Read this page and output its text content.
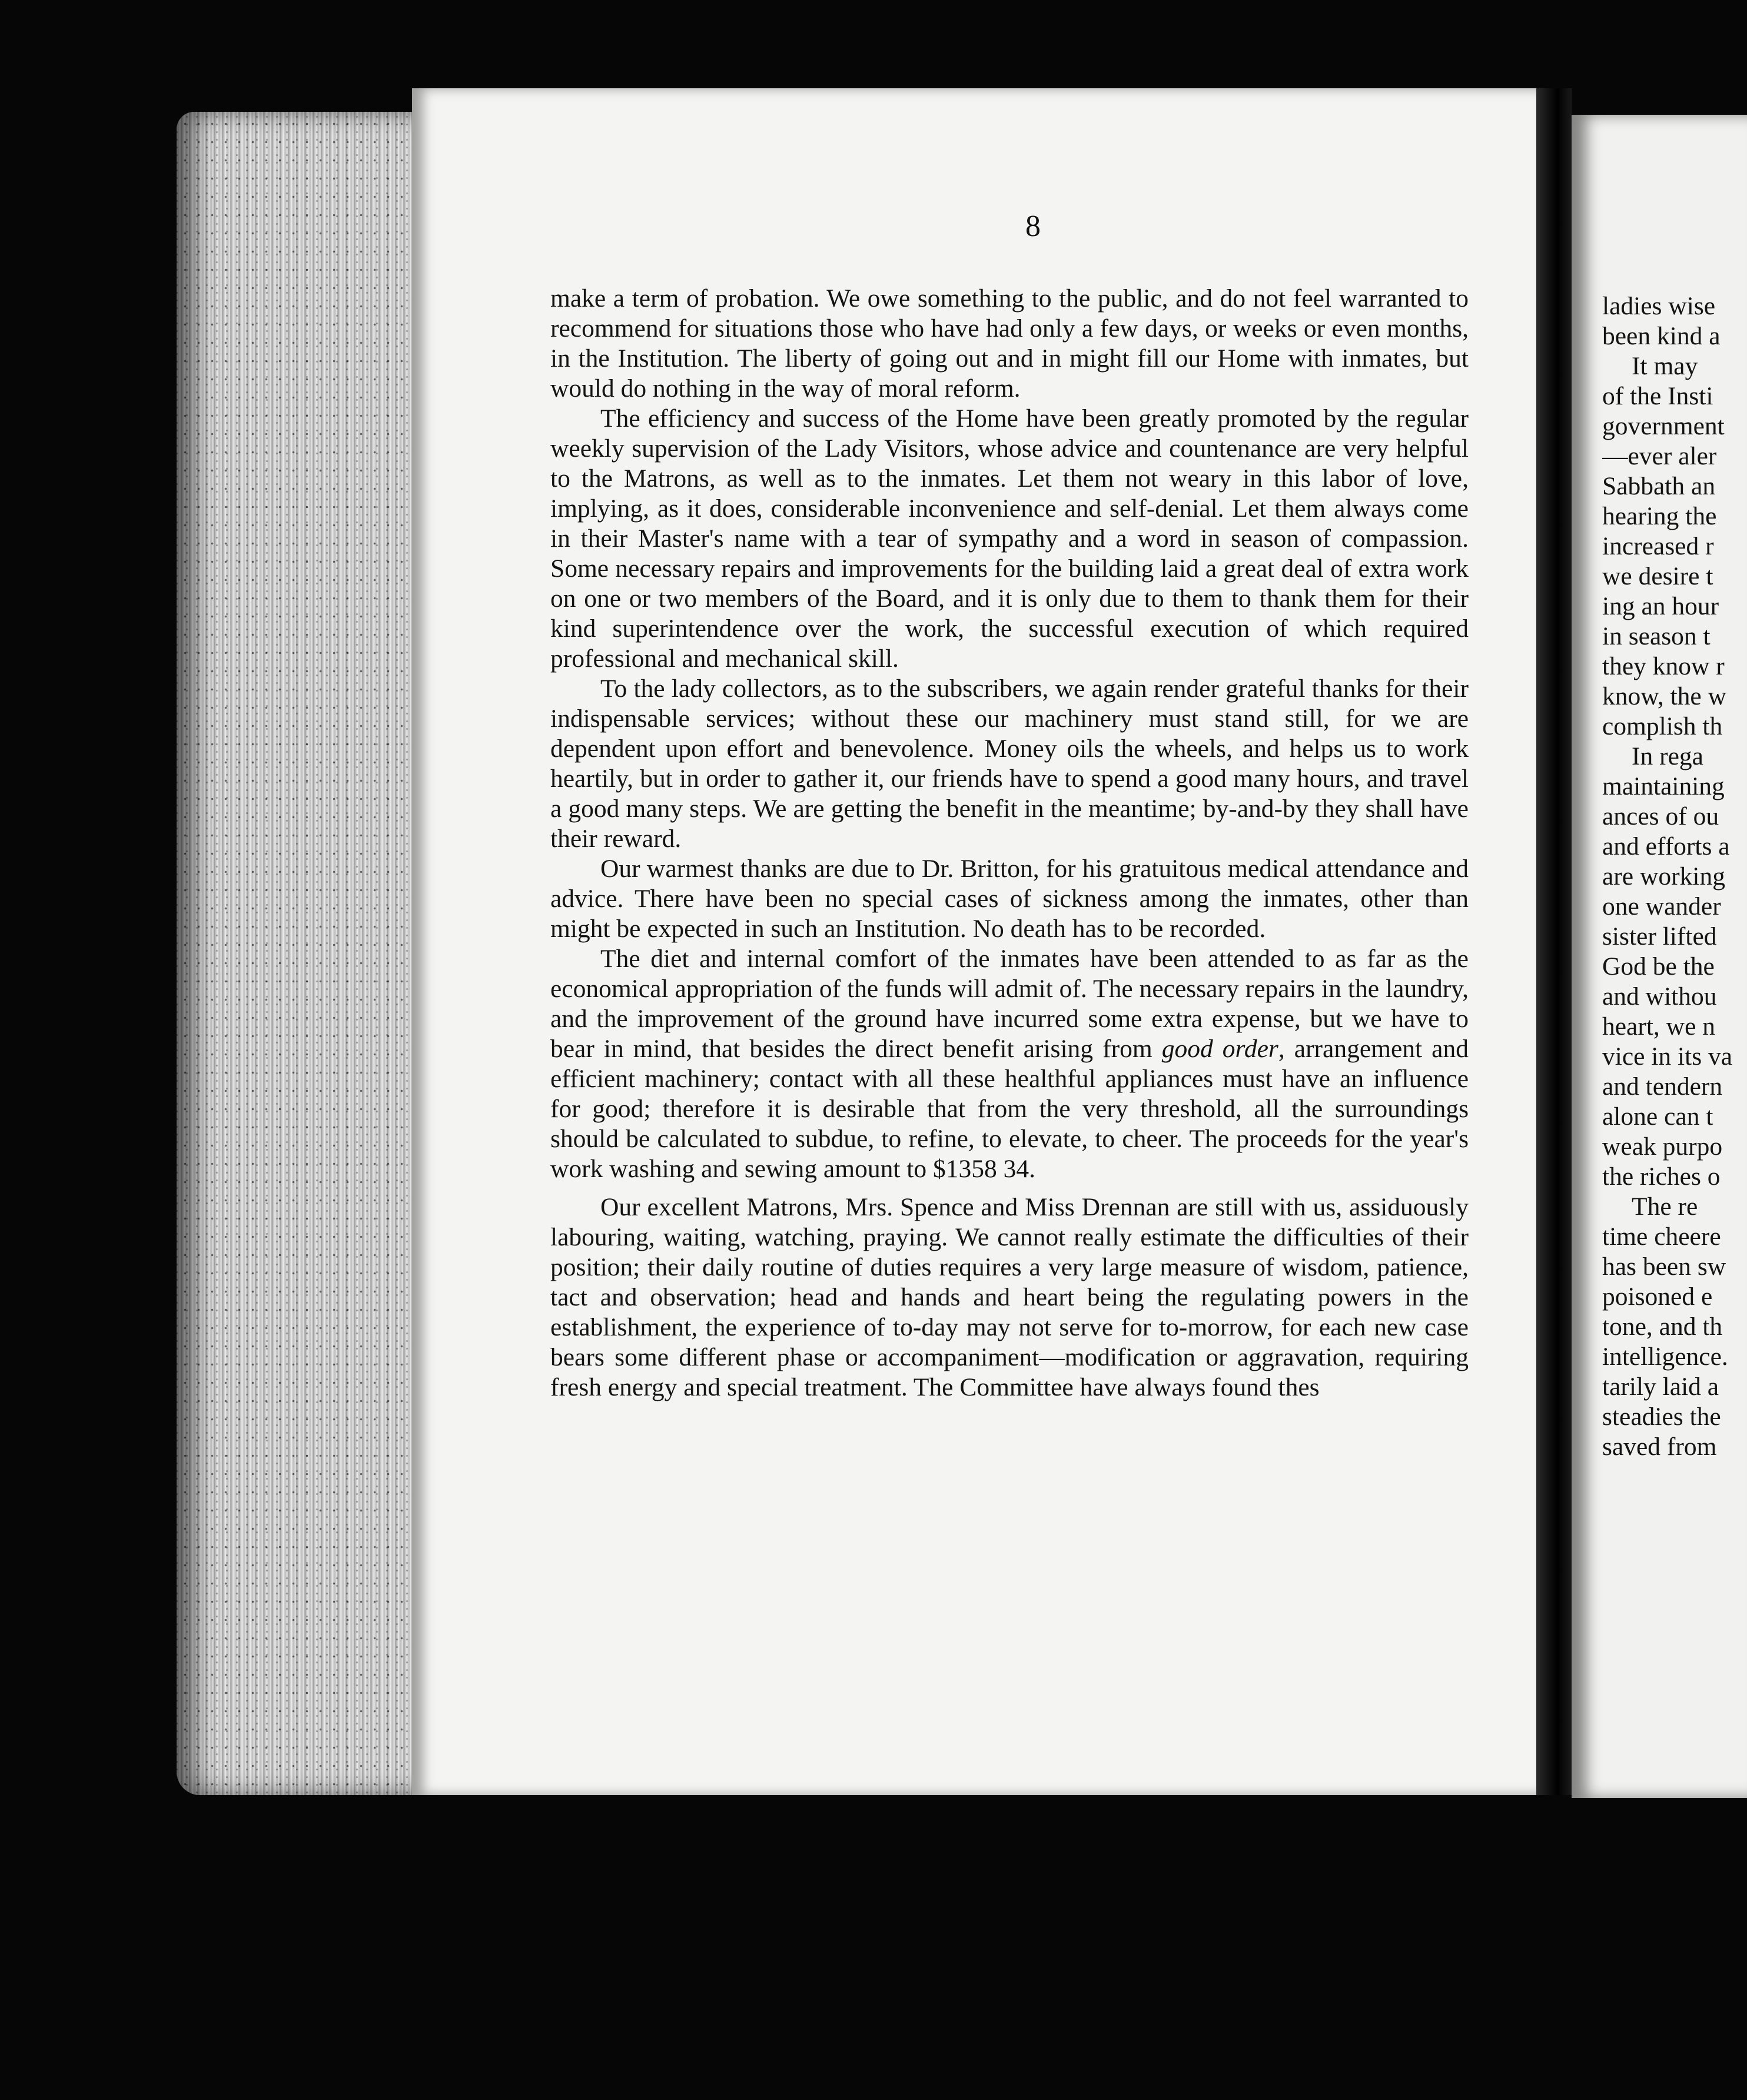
8

make a term of probation. We owe something to the public, and do not feel warranted to recommend for situations those who have had only a few days, or weeks or even months, in the Institution. The liberty of going out and in might fill our Home with inmates, but would do nothing in the way of moral reform.

The efficiency and success of the Home have been greatly promoted by the regular weekly supervision of the Lady Visitors, whose advice and countenance are very helpful to the Matrons, as well as to the inmates. Let them not weary in this labor of love, implying, as it does, considerable inconvenience and self-denial. Let them always come in their Master's name with a tear of sympathy and a word in season of compassion. Some necessary repairs and improvements for the building laid a great deal of extra work on one or two members of the Board, and it is only due to them to thank them for their kind superintendence over the work, the successful execution of which required professional and mechanical skill.

To the lady collectors, as to the subscribers, we again render grateful thanks for their indispensable services; without these our machinery must stand still, for we are dependent upon effort and benevolence. Money oils the wheels, and helps us to work heartily, but in order to gather it, our friends have to spend a good many hours, and travel a good many steps. We are getting the benefit in the meantime; by-and-by they shall have their reward.

Our warmest thanks are due to Dr. Britton, for his gratuitous medical attendance and advice. There have been no special cases of sickness among the inmates, other than might be expected in such an Institution. No death has to be recorded.

The diet and internal comfort of the inmates have been attended to as far as the economical appropriation of the funds will admit of. The necessary repairs in the laundry, and the improvement of the ground have incurred some extra expense, but we have to bear in mind, that besides the direct benefit arising from good order, arrangement and efficient machinery; contact with all these healthful appliances must have an influence for good; therefore it is desirable that from the very threshold, all the surroundings should be calculated to subdue, to refine, to elevate, to cheer. The proceeds for the year's work washing and sewing amount to $1358 34.

Our excellent Matrons, Mrs. Spence and Miss Drennan are still with us, assiduously labouring, waiting, watching, praying. We cannot really estimate the difficulties of their position; their daily routine of duties requires a very large measure of wisdom, patience, tact and observation; head and hands and heart being the regulating powers in the establishment, the experience of to-day may not serve for to-morrow, for each new case bears some different phase or accompaniment—modification or aggravation, requiring fresh energy and special treatment. The Committee have always found thes

ladies wise
been kind a
It may
of the Insti
government
—ever aler
Sabbath an
hearing the
increased r
we desire t
ing an hour
in season t
they know r
know, the w
complish th
In rega
maintaining
ances of ou
and efforts a
are working
one wander
sister lifted
God be the
and withou
heart, we n
vice in its va
and tendern
alone can t
weak purpo
the riches o
The re
time cheere
has been sw
poisoned e
tone, and th
intelligence.
tarily laid a
steadies the
saved from
